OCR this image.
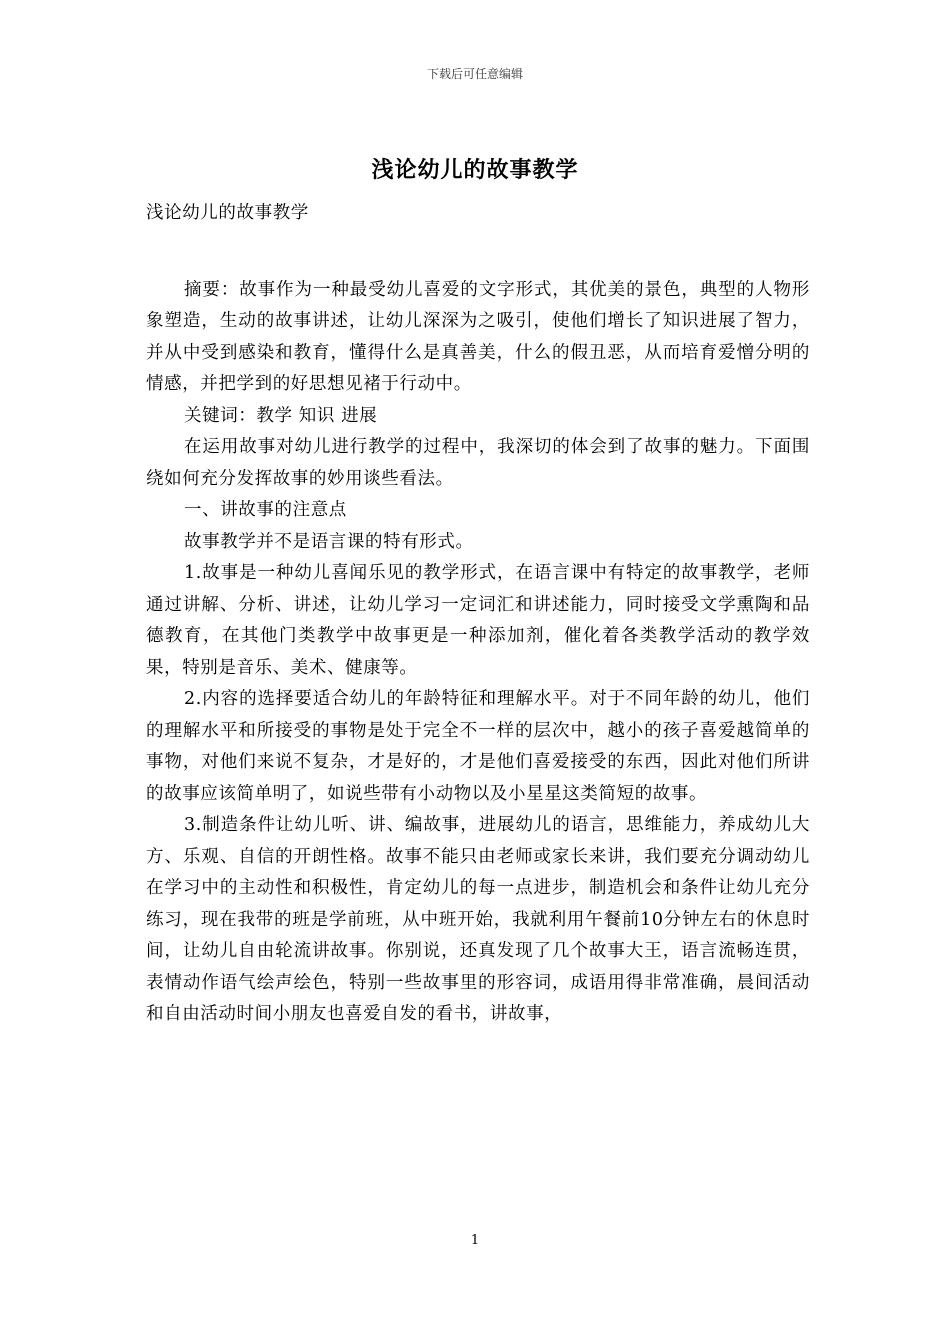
下载后可任意编辑
浅论幼儿的故事教学

浅论幼儿的故事教学

摘要：故事作为一种最受幼儿喜爱的文字形式，其优美的景色，典型的人物形象塑造，生动的故事讲述，让幼儿深深为之吸引，使他们增长了知识进展了智力，并从中受到感染和教育，懂得什么是真善美，什么的假丑恶，从而培育爱憎分明的情感，并把学到的好思想见褚于行动中。

关键词：教学 知识 进展

在运用故事对幼儿进行教学的过程中，我深切的体会到了故事的魅力。下面围绕如何充分发挥故事的妙用谈些看法。

一、讲故事的注意点

故事教学并不是语言课的特有形式。

1.故事是一种幼儿喜闻乐见的教学形式，在语言课中有特定的故事教学，老师通过讲解、分析、讲述，让幼儿学习一定词汇和讲述能力，同时接受文学熏陶和品德教育，在其他门类教学中故事更是一种添加剂，催化着各类教学活动的教学效果，特别是音乐、美术、健康等。

2.内容的选择要适合幼儿的年龄特征和理解水平。对于不同年龄的幼儿，他们的理解水平和所接受的事物是处于完全不一样的层次中，越小的孩子喜爱越简单的事物，对他们来说不复杂，才是好的，才是他们喜爱接受的东西，因此对他们所讲的故事应该简单明了，如说些带有小动物以及小星星这类简短的故事。

3.制造条件让幼儿听、讲、编故事，进展幼儿的语言，思维能力，养成幼儿大方、乐观、自信的开朗性格。故事不能只由老师或家长来讲，我们要充分调动幼儿在学习中的主动性和积极性，肯定幼儿的每一点进步，制造机会和条件让幼儿充分练习，现在我带的班是学前班，从中班开始，我就利用午餐前10分钟左右的休息时间，让幼儿自由轮流讲故事。你别说，还真发现了几个故事大王，语言流畅连贯，表情动作语气绘声绘色，特别一些故事里的形容词，成语用得非常准确，晨间活动和自由活动时间小朋友也喜爱自发的看书，讲故事，

1
